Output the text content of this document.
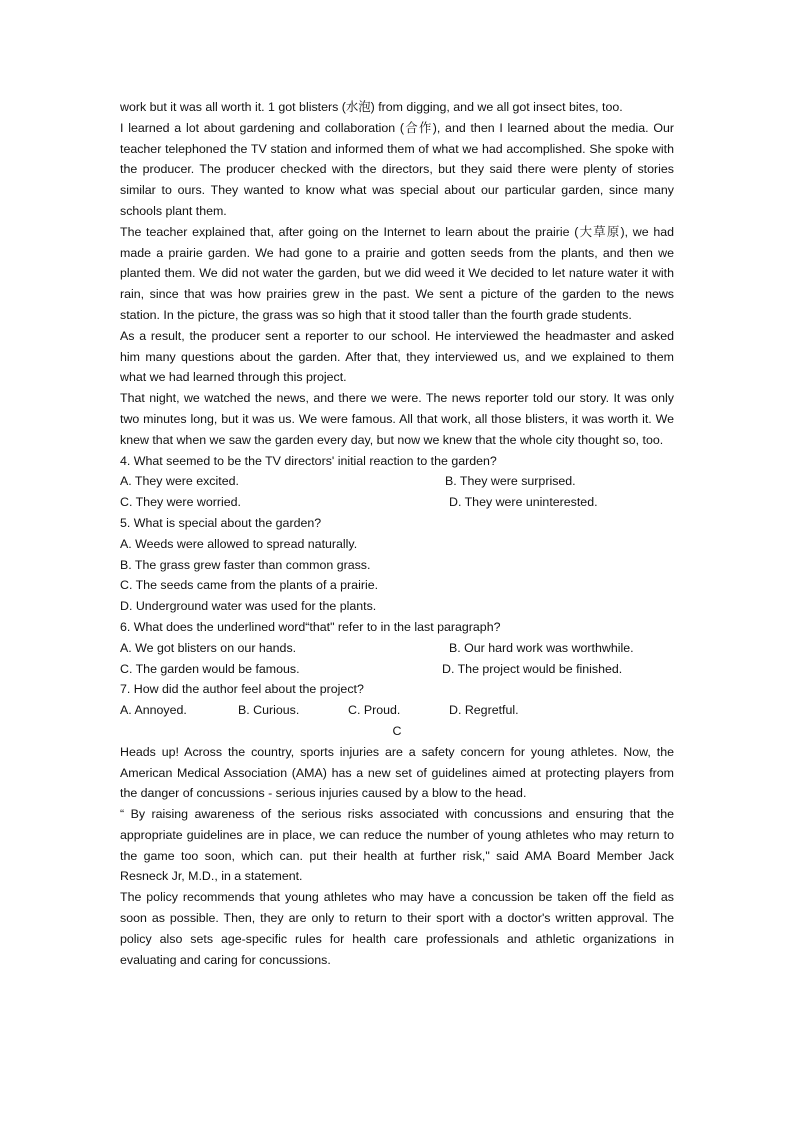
work but it was all worth it. 1 got blisters (水泡) from digging, and we all got insect bites, too.

I learned a lot about gardening and collaboration (合作), and then I learned about the media. Our teacher telephoned the TV station and informed them of what we had accomplished. She spoke with the producer. The producer checked with the directors, but they said there were plenty of stories similar to ours. They wanted to know what was special about our particular garden, since many schools plant them.

The teacher explained that, after going on the Internet to learn about the prairie (大草原), we had made a prairie garden. We had gone to a prairie and gotten seeds from the plants, and then we planted them. We did not water the garden, but we did weed it We decided to let nature water it with rain, since that was how prairies grew in the past. We sent a picture of the garden to the news station. In the picture, the grass was so high that it stood taller than the fourth grade students.

As a result, the producer sent a reporter to our school. He interviewed the headmaster and asked him many questions about the garden. After that, they interviewed us, and we explained to them what we had learned through this project.

That night, we watched the news, and there we were. The news reporter told our story. It was only two minutes long, but it was us. We were famous. All that work, all those blisters, it was worth it. We knew that when we saw the garden every day, but now we knew that the whole city thought so, too.

4. What seemed to be the TV directors' initial reaction to the garden?

A. They were excited.	B. They were surprised.
C. They were worried.	D. They were uninterested.

5. What is special about the garden?

A. Weeds were allowed to spread naturally.

B. The grass grew faster than common grass.

C. The seeds came from the plants of a prairie.

D. Underground water was used for the plants.

6. What does the underlined word“that" refer to in the last paragraph?

A. We got blisters on our hands.	B. Our hard work was worthwhile.
C. The garden would be famous.	D. The project would be finished.

7. How did the author feel about the project?

A. Annoyed.	B. Curious.	C. Proud.	D. Regretful.

C

Heads up! Across the country, sports injuries are a safety concern for young athletes. Now, the American Medical Association (AMA) has a new set of guidelines aimed at protecting players from the danger of concussions - serious injuries caused by a blow to the head.

“ By raising awareness of the serious risks associated with concussions and ensuring that the appropriate guidelines are in place, we can reduce the number of young athletes who may return to the game too soon, which can. put their health at further risk," said AMA Board Member Jack Resneck Jr, M.D., in a statement.

The policy recommends that young athletes who may have a concussion be taken off the field as soon as possible. Then, they are only to return to their sport with a doctor's written approval. The policy also sets age-specific rules for health care professionals and athletic organizations in evaluating and caring for concussions.
